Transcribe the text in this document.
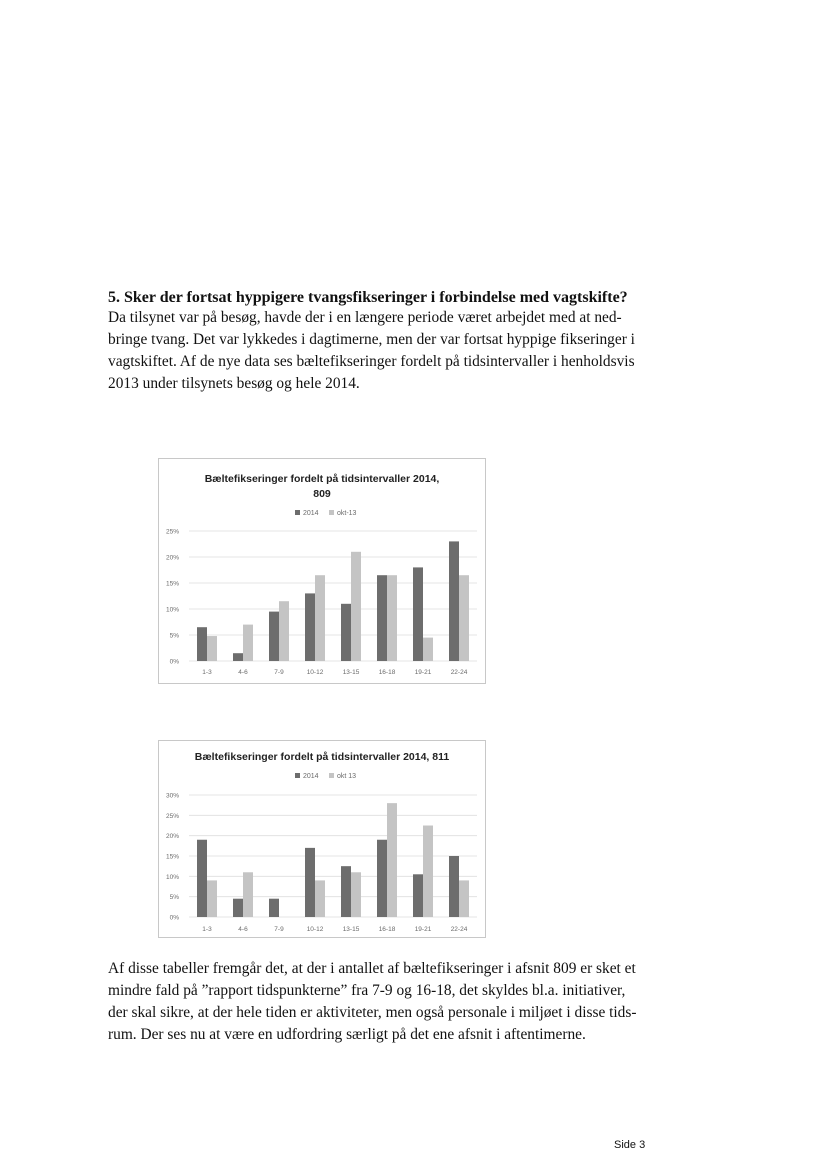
5. Sker der fortsat hyppigere tvangsfikseringer i forbindelse med vagtskifte?

Da tilsynet var på besøg, havde der i en længere periode været arbejdet med at ned-bringe tvang. Det var lykkedes i dagtimerne, men der var fortsat hyppige fikseringer i vagtskiftet. Af de nye data ses bæltefikseringer fordelt på tidsintervaller i henholdsvis 2013 under tilsynets besøg og hele 2014.

Bæltefikseringer fordelt på tidsintervaller 2014,
809
2014	okt-13
0%
5%
10%
15%
20%
25%
1-3	4-6	7-9	10-12	13-15	16-18	19-21	22-24
Bæltefikseringer fordelt på tidsintervaller 2014, 811
2014	okt 13
0%
5%
10%
15%
20%
25%
30%
1-3	4-6	7-9	10-12	13-15	16-18	19-21	22-24

Af disse tabeller fremgår det, at der i antallet af bæltefikseringer i afsnit 809 er sket et mindre fald på ”rapport tidspunkterne” fra 7-9 og 16-18, det skyldes bl.a. initiativer, der skal sikre, at der hele tiden er aktiviteter, men også personale i miljøet i disse tids-rum. Der ses nu at være en udfordring særligt på det ene afsnit i aftentimerne.

Side 3
